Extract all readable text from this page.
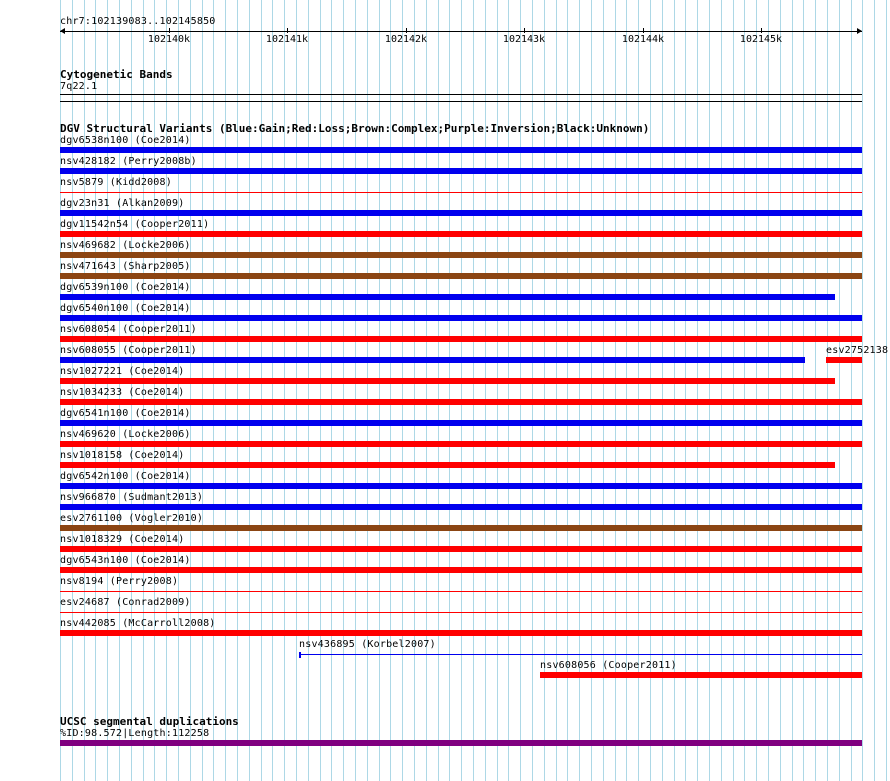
chr7:102139083..102145850
102140k	102141k	102142k	102143k	102144k	102145k
Cytogenetic Bands
7q22.1
DGV Structural Variants (Blue:Gain;Red:Loss;Brown:Complex;Purple:Inversion;Black:Unknown)
dgv6538n100 (Coe2014)
nsv428182 (Perry2008b)
nsv5879 (Kidd2008)
dgv23n31 (Alkan2009)
dgv11542n54 (Cooper2011)
nsv469682 (Locke2006)
nsv471643 (Sharp2005)
dgv6539n100 (Coe2014)
dgv6540n100 (Coe2014)
nsv608054 (Cooper2011)
nsv608055 (Cooper2011)	esv2752138
nsv1027221 (Coe2014)
nsv1034233 (Coe2014)
dgv6541n100 (Coe2014)
nsv469620 (Locke2006)
nsv1018158 (Coe2014)
dgv6542n100 (Coe2014)
nsv966870 (Sudmant2013)
esv2761100 (Vogler2010)
nsv1018329 (Coe2014)
dgv6543n100 (Coe2014)
nsv8194 (Perry2008)
esv24687 (Conrad2009)
nsv442085 (McCarroll2008)
nsv436895 (Korbel2007)
nsv608056 (Cooper2011)
UCSC segmental duplications
%ID:98.572|Length:112258
